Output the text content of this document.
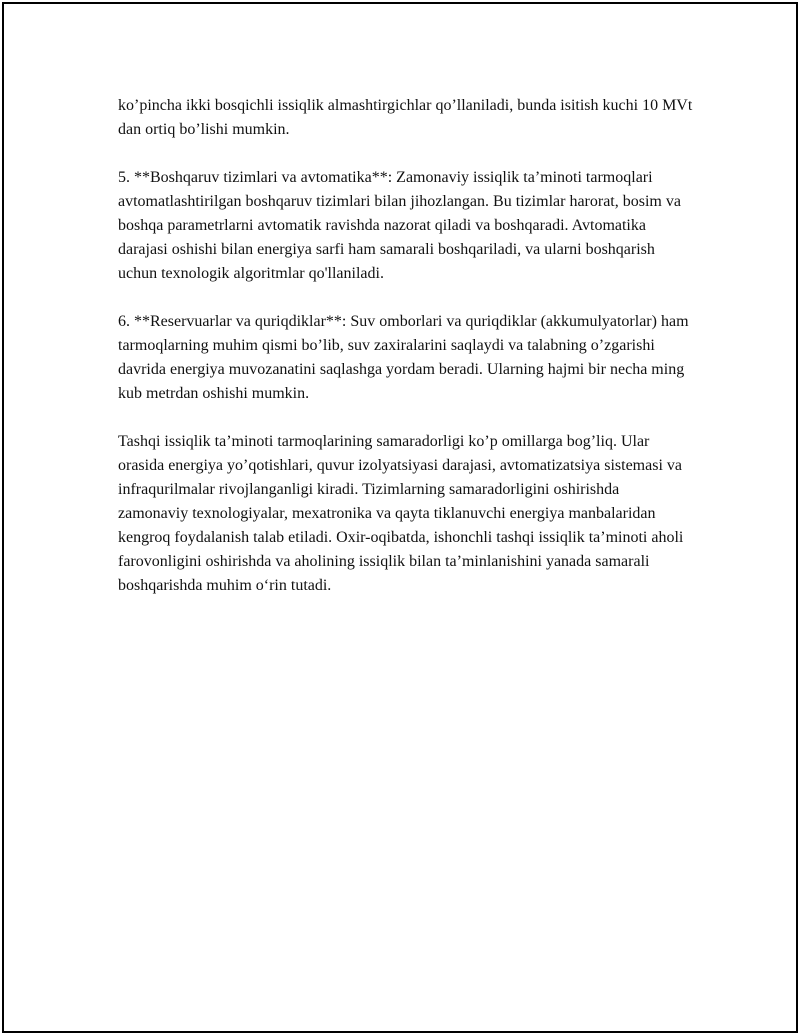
ko’pincha ikki bosqichli issiqlik almashtirgichlar qo’llaniladi, bunda isitish kuchi 10 MVt dan ortiq bo’lishi mumkin.

5. **Boshqaruv tizimlari va avtomatika**: Zamonaviy issiqlik ta’minoti tarmoqlari avtomatlashtirilgan boshqaruv tizimlari bilan jihozlangan. Bu tizimlar harorat, bosim va boshqa parametrlarni avtomatik ravishda nazorat qiladi va boshqaradi. Avtomatika darajasi oshishi bilan energiya sarfi ham samarali boshqariladi, va ularni boshqarish uchun texnologik algoritmlar qo'llaniladi.

6. **Reservuarlar va quriqdiklar**: Suv omborlari va quriqdiklar (akkumulyatorlar) ham tarmoqlarning muhim qismi bo’lib, suv zaxiralarini saqlaydi va talabning o’zgarishi davrida energiya muvozanatini saqlashga yordam beradi. Ularning hajmi bir necha ming kub metrdan oshishi mumkin.

Tashqi issiqlik ta’minoti tarmoqlarining samaradorligi ko’p omillarga bog’liq. Ular orasida energiya yo’qotishlari, quvur izolyatsiyasi darajasi, avtomatizatsiya sistemasi va infraqurilmalar rivojlanganligi kiradi. Tizimlarning samaradorligini oshirishda zamonaviy texnologiyalar, mexatronika va qayta tiklanuvchi energiya manbalaridan kengroq foydalanish talab etiladi. Oxir-oqibatda, ishonchli tashqi issiqlik ta’minoti aholi farovonligini oshirishda va aholining issiqlik bilan ta’minlanishini yanada samarali boshqarishda muhim o‘rin tutadi.
